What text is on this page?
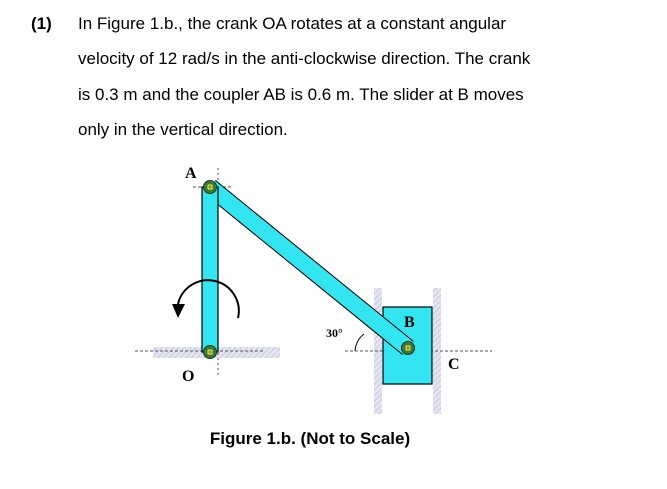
(1) In Figure 1.b., the crank OA rotates at a constant angular
velocity of 12 rad/s in the anti-clockwise direction. The crank
is 0.3 m and the coupler AB is 0.6 m. The slider at B moves
only in the vertical direction.
A
O
B
C
30°
Figure 1.b. (Not to Scale)
